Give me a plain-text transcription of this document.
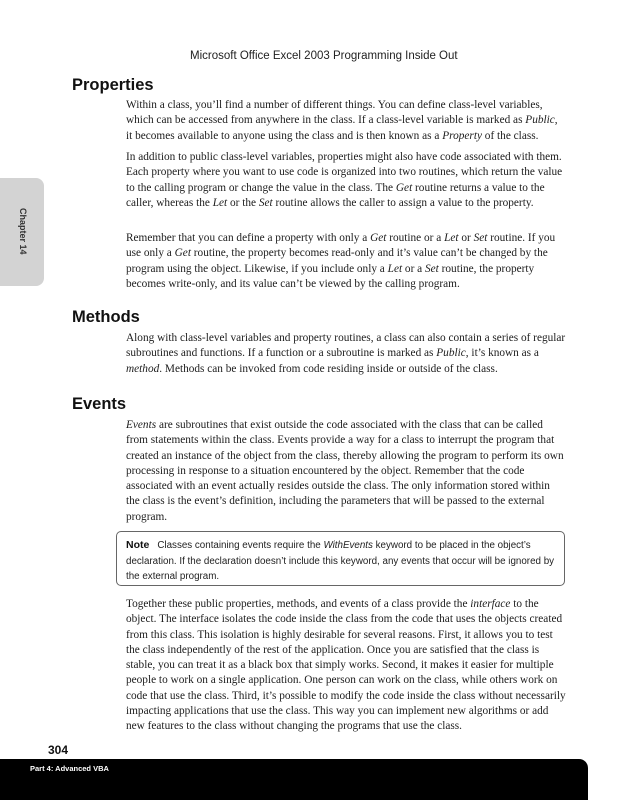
Microsoft Office Excel 2003 Programming Inside Out
Chapter 14
Properties

Within a class, you’ll find a number of different things. You can define class-level variables, which can be accessed from anywhere in the class. If a class-level variable is marked as Public, it becomes available to anyone using the class and is then known as a Property of the class.

In addition to public class-level variables, properties might also have code associated with them. Each property where you want to use code is organized into two routines, which return the value to the calling program or change the value in the class. The Get routine returns a value to the caller, whereas the Let or the Set routine allows the caller to assign a value to the property.

Remember that you can define a property with only a Get routine or a Let or Set routine. If you use only a Get routine, the property becomes read-only and it’s value can’t be changed by the program using the object. Likewise, if you include only a Let or a Set routine, the property becomes write-only, and its value can’t be viewed by the calling program.

Methods

Along with class-level variables and property routines, a class can also contain a series of regular subroutines and functions. If a function or a subroutine is marked as Public, it’s known as a method. Methods can be invoked from code residing inside or outside of the class.

Events

Events are subroutines that exist outside the code associated with the class that can be called from statements within the class. Events provide a way for a class to interrupt the program that created an instance of the object from the class, thereby allowing the program to perform its own processing in response to a situation encountered by the object. Remember that the code associated with an event actually resides outside the class. The only information stored within the class is the event’s definition, including the parameters that will be passed to the external program.

Note Classes containing events require the WithEvents keyword to be placed in the object’s declaration. If the declaration doesn’t include this keyword, any events that occur will be ignored by the external program.

Together these public properties, methods, and events of a class provide the interface to the object. The interface isolates the code inside the class from the code that uses the objects created from this class. This isolation is highly desirable for several reasons. First, it allows you to test the class independently of the rest of the application. Once you are satisfied that the class is stable, you can treat it as a black box that simply works. Second, it makes it easier for multiple people to work on a single application. One person can work on the class, while others work on code that use the class. Third, it’s possible to modify the code inside the class without necessarily impacting applications that use the class. This way you can implement new algorithms or add new features to the class without changing the programs that use the class.

304
Part 4: Advanced VBA
